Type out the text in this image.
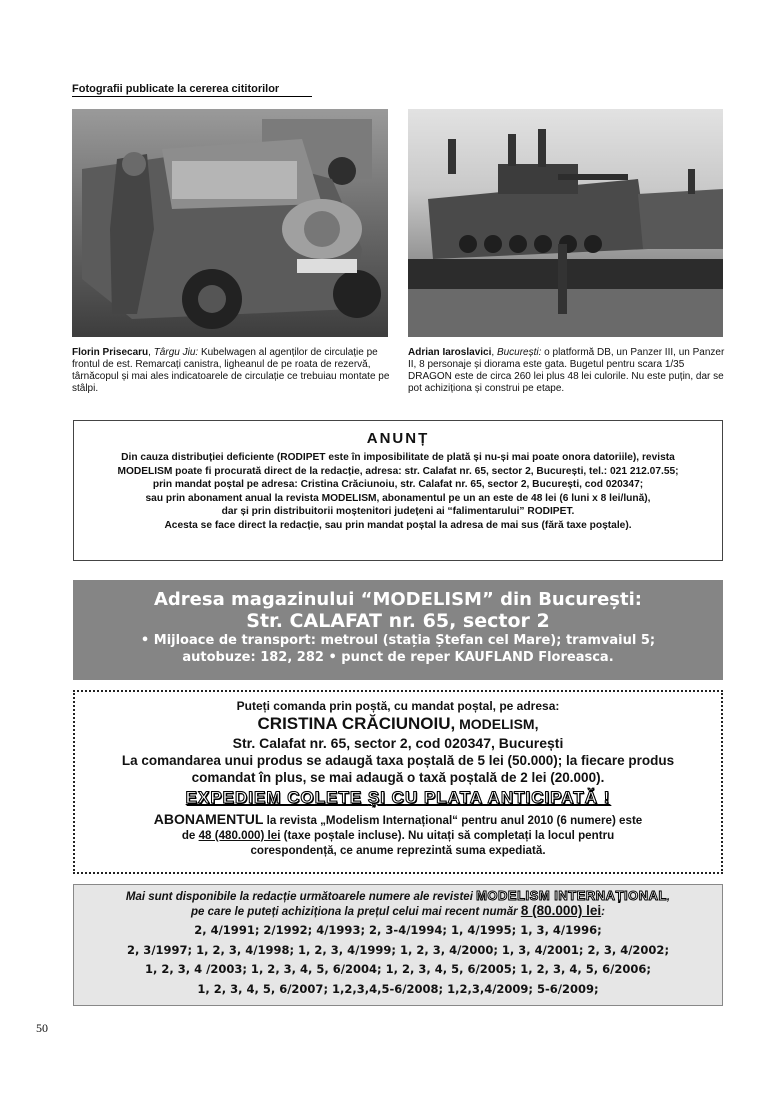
Fotografii publicate la cererea cititorilor
Florin Prisecaru, Târgu Jiu: Kubelwagen al agenților de circulație pe frontul de est. Remarcați canistra, ligheanul de pe roata de rezervă, târnăcopul și mai ales indicatoarele de circulație ce trebuiau montate pe stâlpi.
Adrian Iaroslavici, București: o platformă DB, un Panzer III, un Panzer II, 8 personaje și diorama este gata. Bugetul pentru scara 1/35 DRAGON este de circa 260 lei plus 48 lei culorile. Nu este puțin, dar se pot achiziționa și construi pe etape.
ANUNȚ
Din cauza distribuției deficiente (RODIPET este în imposibilitate de plată și nu-și mai poate onora datoriile), revista
MODELISM poate fi procurată direct de la redacție, adresa: str. Calafat nr. 65, sector 2, București, tel.: 021 212.07.55;
prin mandat poștal pe adresa: Cristina Crăciunoiu, str. Calafat nr. 65, sector 2, București, cod 020347;
sau prin abonament anual la revista MODELISM, abonamentul pe un an este de 48 lei (6 luni x 8 lei/lună),
dar și prin distribuitorii moștenitori județeni ai “falimentarului” RODIPET.
Acesta se face direct la redacție, sau prin mandat poștal la adresa de mai sus (fără taxe poștale).
Adresa magazinului “MODELISM” din București:
Str. CALAFAT nr. 65, sector 2
• Mijloace de transport: metroul (stația Ștefan cel Mare); tramvaiul 5;
autobuze: 182, 282 • punct de reper KAUFLAND Floreasca.
Puteți comanda prin poștă, cu mandat poștal, pe adresa:
CRISTINA CRĂCIUNOIU, MODELISM,
Str. Calafat nr. 65, sector 2, cod 020347, București
La comandarea unui produs se adaugă taxa poștală de 5 lei (50.000); la fiecare produs
comandat în plus, se mai adaugă o taxă poștală de 2 lei (20.000).
EXPEDIEM COLETE ȘI CU PLATA ANTICIPATĂ !
ABONAMENTUL la revista „Modelism Internațional“ pentru anul 2010 (6 numere) este
de 48 (480.000) lei (taxe poștale incluse). Nu uitați să completați la locul pentru
corespondență, ce anume reprezintă suma expediată.
Mai sunt disponibile la redacție următoarele numere ale revistei MODELISM INTERNAȚIONAL,
pe care le puteți achiziționa la prețul celui mai recent număr 8 (80.000) lei:
2, 4/1991; 2/1992; 4/1993; 2, 3-4/1994; 1, 4/1995; 1, 3, 4/1996;
2, 3/1997; 1, 2, 3, 4/1998; 1, 2, 3, 4/1999; 1, 2, 3, 4/2000; 1, 3, 4/2001; 2, 3, 4/2002;
1, 2, 3, 4 /2003; 1, 2, 3, 4, 5, 6/2004; 1, 2, 3, 4, 5, 6/2005; 1, 2, 3, 4, 5, 6/2006;
1, 2, 3, 4, 5, 6/2007; 1,2,3,4,5-6/2008; 1,2,3,4/2009; 5-6/2009;
50
